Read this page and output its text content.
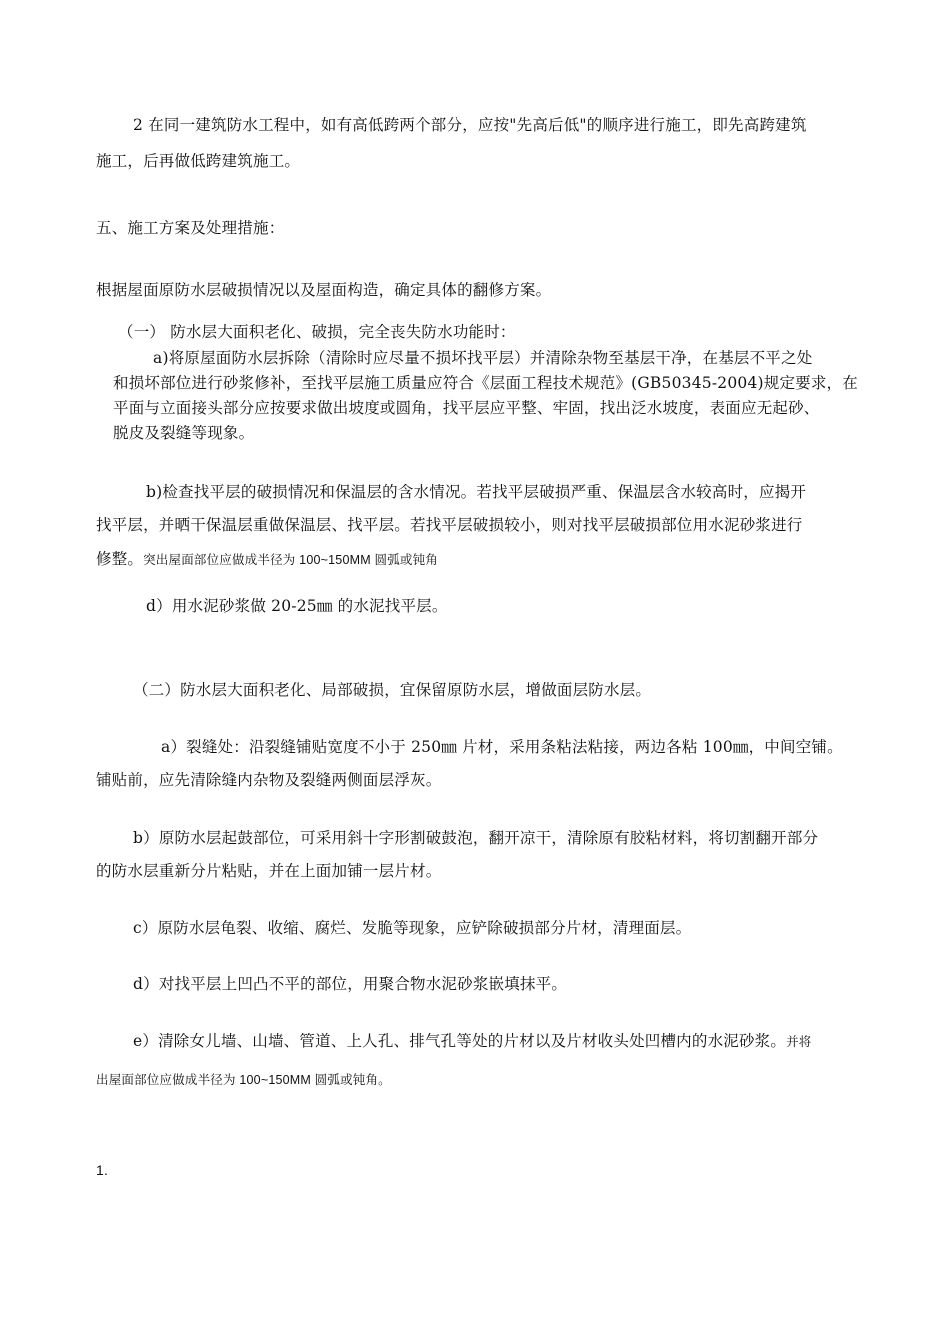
2 在同一建筑防水工程中，如有高低跨两个部分，应按"先高后低"的顺序进行施工，即先高跨建筑
施工，后再做低跨建筑施工。
五、施工方案及处理措施：
根据屋面原防水层破损情况以及屋面构造，确定具体的翻修方案。
（一） 防水层大面积老化、破损，完全丧失防水功能时：
a)将原屋面防水层拆除（清除时应尽量不损坏找平层）并清除杂物至基层干净，在基层不平之处
和损坏部位进行砂浆修补，至找平层施工质量应符合《层面工程技术规范》(GB50345-2004)规定要求，在
平面与立面接头部分应按要求做出坡度或圆角，找平层应平整、牢固，找出泛水坡度，表面应无起砂、
脱皮及裂缝等现象。
b)检查找平层的破损情况和保温层的含水情况。若找平层破损严重、保温层含水较高时，应揭开
找平层，并晒干保温层重做保温层、找平层。若找平层破损较小，则对找平层破损部位用水泥砂浆进行
修整。突出屋面部位应做成半径为 100~150MM 圆弧或钝角
d）用水泥砂浆做 20-25㎜ 的水泥找平层。
（二）防水层大面积老化、局部破损，宜保留原防水层，增做面层防水层。
a）裂缝处：沿裂缝铺贴宽度不小于 250㎜ 片材，采用条粘法粘接，两边各粘 100㎜，中间空铺。
铺贴前，应先清除缝内杂物及裂缝两侧面层浮灰。
b）原防水层起鼓部位，可采用斜十字形割破鼓泡，翻开凉干，清除原有胶粘材料，将切割翻开部分
的防水层重新分片粘贴，并在上面加铺一层片材。
c）原防水层龟裂、收缩、腐烂、发脆等现象，应铲除破损部分片材，清理面层。
d）对找平层上凹凸不平的部位，用聚合物水泥砂浆嵌填抹平。
e）清除女儿墙、山墙、管道、上人孔、排气孔等处的片材以及片材收头处凹槽内的水泥砂浆。并将
出屋面部位应做成半径为 100~150MM 圆弧或钝角。
1.
